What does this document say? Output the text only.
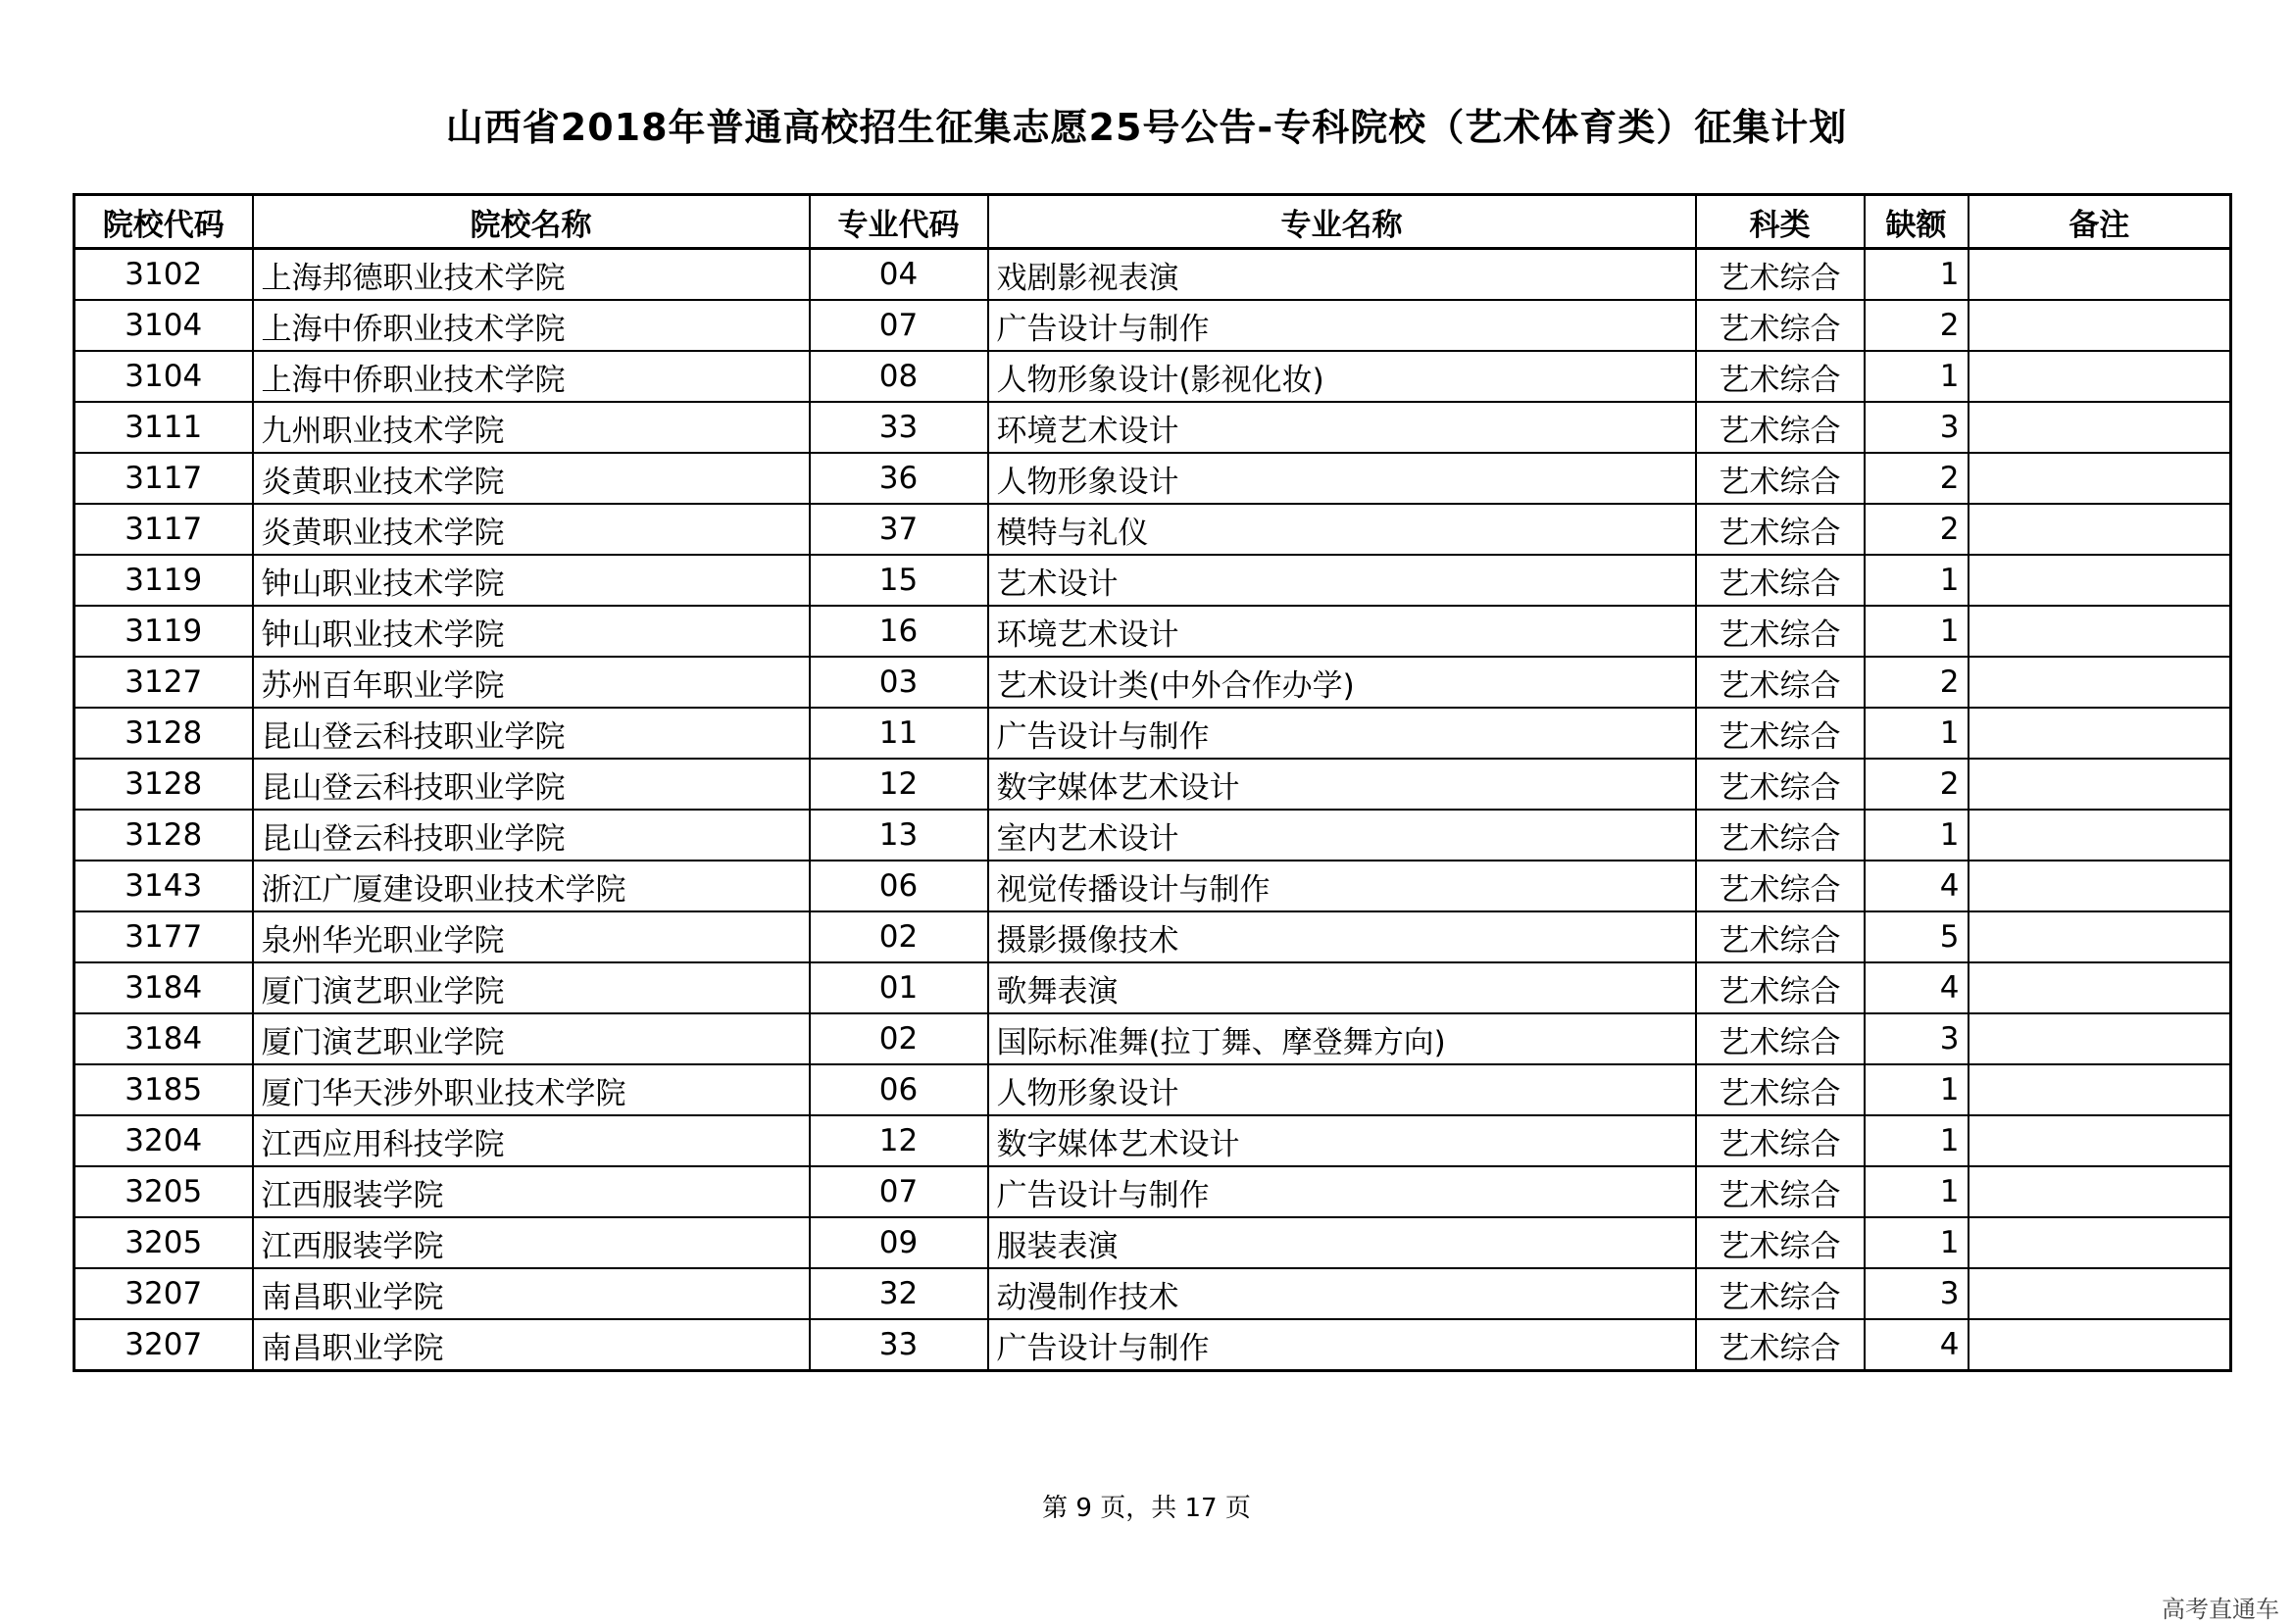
山西省2018年普通高校招生征集志愿25号公告-专科院校（艺术体育类）征集计划
院校代码	院校名称	专业代码	专业名称	科类	缺额	备注
3102	上海邦德职业技术学院	04	戏剧影视表演	艺术综合	1	
3104	上海中侨职业技术学院	07	广告设计与制作	艺术综合	2	
3104	上海中侨职业技术学院	08	人物形象设计(影视化妆)	艺术综合	1	
3111	九州职业技术学院	33	环境艺术设计	艺术综合	3	
3117	炎黄职业技术学院	36	人物形象设计	艺术综合	2	
3117	炎黄职业技术学院	37	模特与礼仪	艺术综合	2	
3119	钟山职业技术学院	15	艺术设计	艺术综合	1	
3119	钟山职业技术学院	16	环境艺术设计	艺术综合	1	
3127	苏州百年职业学院	03	艺术设计类(中外合作办学)	艺术综合	2	
3128	昆山登云科技职业学院	11	广告设计与制作	艺术综合	1	
3128	昆山登云科技职业学院	12	数字媒体艺术设计	艺术综合	2	
3128	昆山登云科技职业学院	13	室内艺术设计	艺术综合	1	
3143	浙江广厦建设职业技术学院	06	视觉传播设计与制作	艺术综合	4	
3177	泉州华光职业学院	02	摄影摄像技术	艺术综合	5	
3184	厦门演艺职业学院	01	歌舞表演	艺术综合	4	
3184	厦门演艺职业学院	02	国际标准舞(拉丁舞、摩登舞方向)	艺术综合	3	
3185	厦门华天涉外职业技术学院	06	人物形象设计	艺术综合	1	
3204	江西应用科技学院	12	数字媒体艺术设计	艺术综合	1	
3205	江西服装学院	07	广告设计与制作	艺术综合	1	
3205	江西服装学院	09	服装表演	艺术综合	1	
3207	南昌职业学院	32	动漫制作技术	艺术综合	3	
3207	南昌职业学院	33	广告设计与制作	艺术综合	4	
第 9 页，共 17 页
高考直通车
